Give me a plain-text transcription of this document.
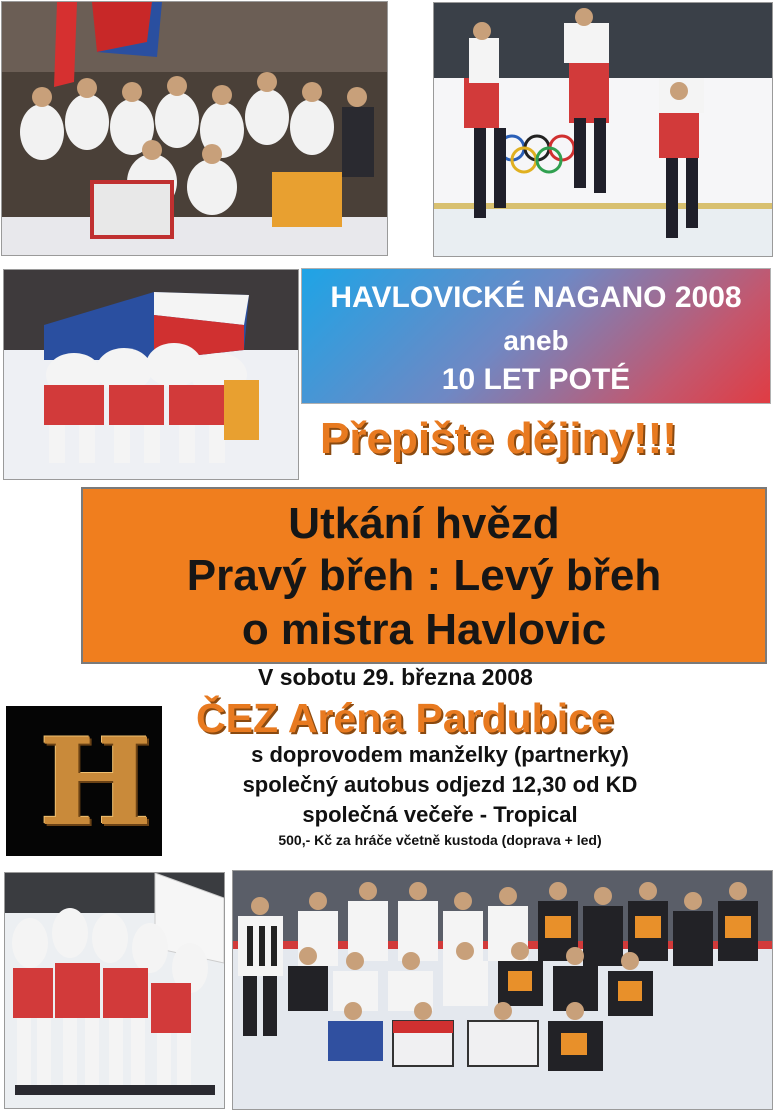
HAVLOVICKÉ NAGANO 2008
aneb
10 LET POTÉ
Přepište dějiny!!!
Utkání hvězd
Pravý břeh : Levý břeh
o mistra Havlovic
V sobotu 29. března 2008
ČEZ Aréna Pardubice
H	s doprovodem manželky (partnerky)
společný autobus odjezd 12,30 od KD
společná večeře - Tropical
500,- Kč za hráče včetně kustoda (doprava + led)
